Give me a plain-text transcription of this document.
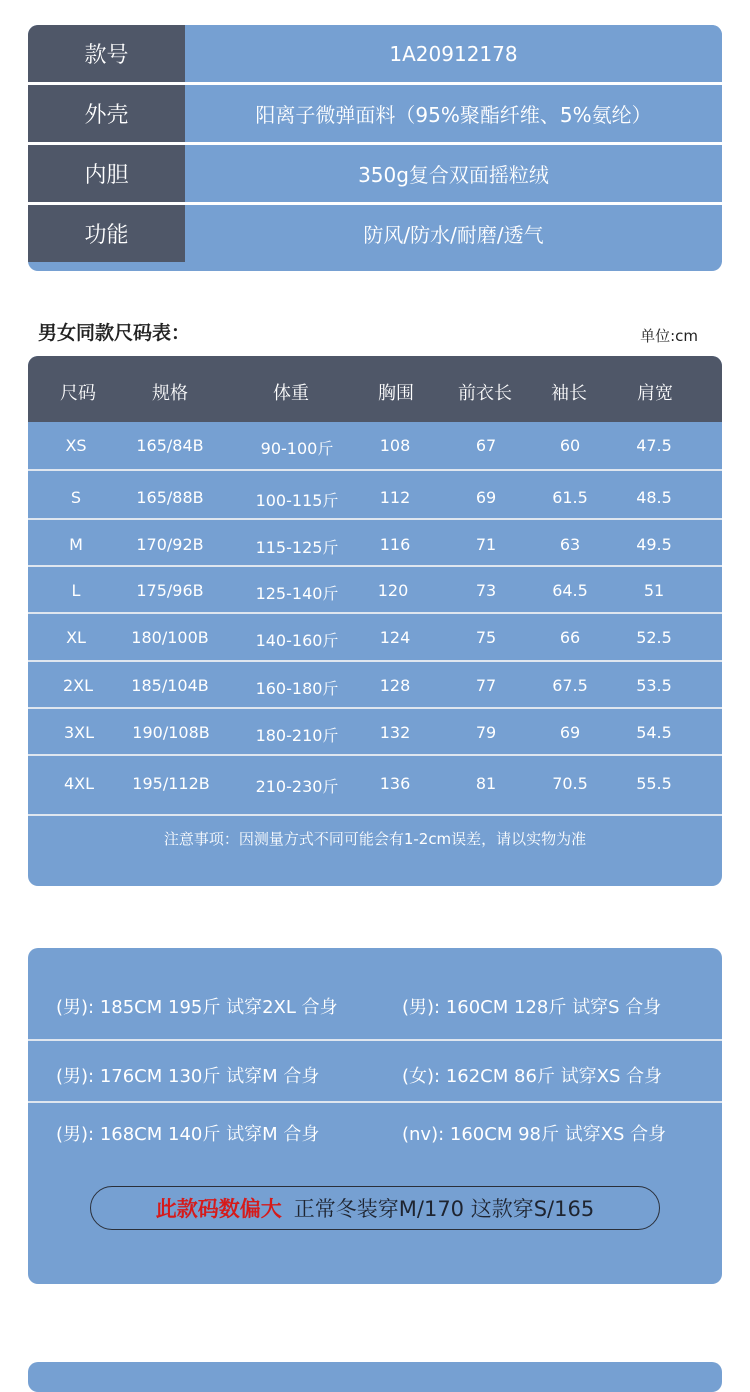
款号	1A20912178
外壳	阳离子微弹面料（95%聚酯纤维、5%氨纶）
内胆	350g复合双面摇粒绒
功能	防风/防水/耐磨/透气
男女同款尺码表：	单位:cm
尺码	规格	体重	胸围 前衣长 袖长	肩宽
XS	165/84B	90-100斤	108	67	60	47.5
S	165/88B	100-115斤	112	69	61.5	48.5
M	170/92B	115-125斤	116	71	63	49.5
L	175/96B	125-140斤 120	73	64.5	51
XL	180/100B	140-160斤	124	75	66	52.5
2XL 185/104B	160-180斤	128	77	67.5	53.5
3XL 190/108B	180-210斤	132	79	69	54.5
4XL 195/112B	210-230斤	136	81	70.5	55.5
注意事项：因测量方式不同可能会有1-2cm误差，请以实物为准
(男): 185CM 195斤 试穿2XL 合身	(男): 160CM 128斤 试穿S 合身
(男): 176CM 130斤 试穿M 合身	(女): 162CM 86斤 试穿XS 合身
(男): 168CM 140斤 试穿M 合身	(nv): 160CM 98斤 试穿XS 合身
此款码数偏大 正常冬装穿M/170 这款穿S/165
